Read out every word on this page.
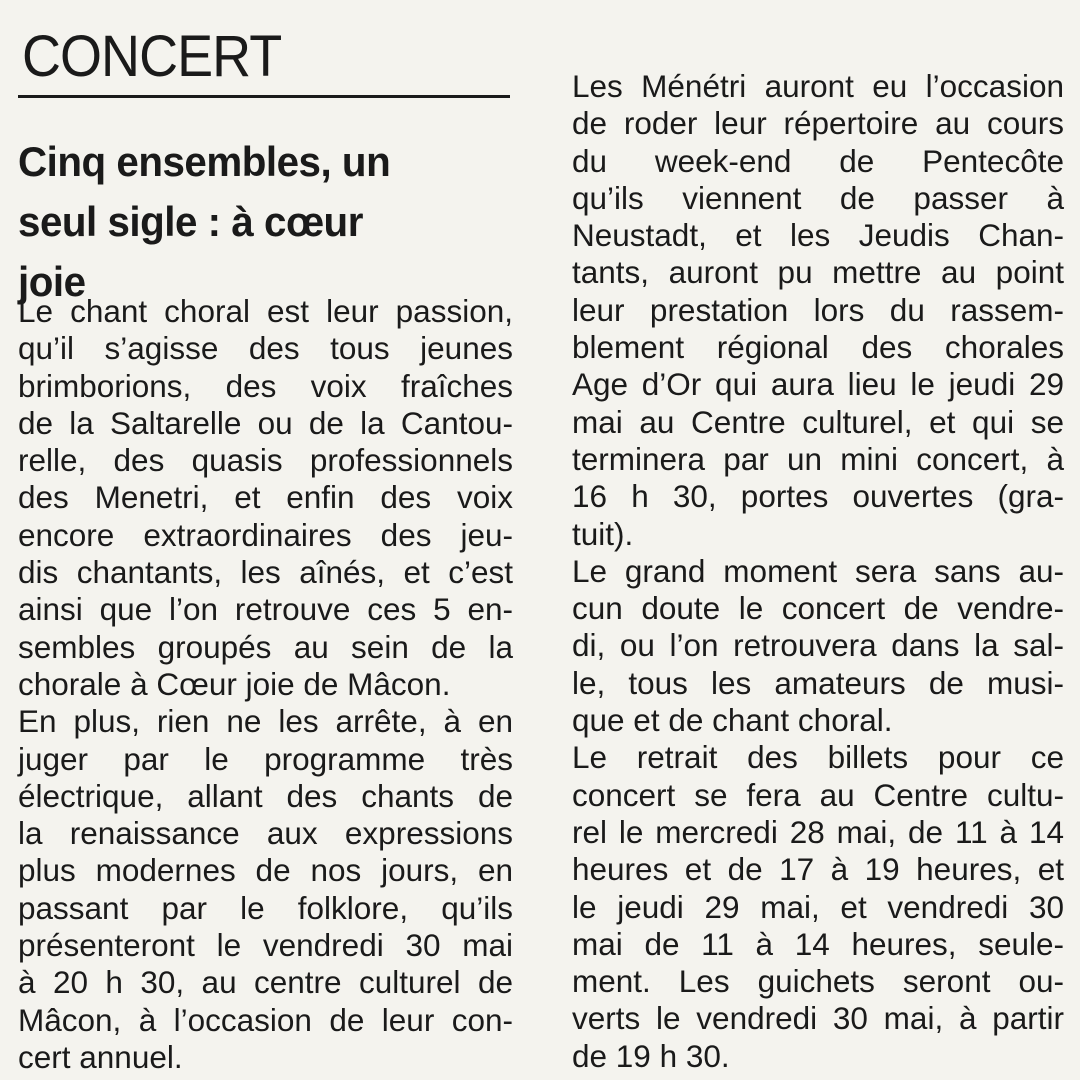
CONCERT
Cinq ensembles, un
seul sigle : à cœur
joie
Le chant choral est leur passion,
qu’il s’agisse des tous jeunes
brimborions, des voix fraîches
de la Saltarelle ou de la Cantou-
relle, des quasis professionnels
des Menetri, et enfin des voix
encore extraordinaires des jeu-
dis chantants, les aînés, et c’est
ainsi que l’on retrouve ces 5 en-
sembles groupés au sein de la
chorale à Cœur joie de Mâcon.
En plus, rien ne les arrête, à en
juger par le programme très
électrique, allant des chants de
la renaissance aux expressions
plus modernes de nos jours, en
passant par le folklore, qu’ils
présenteront le vendredi 30 mai
à 20 h 30, au centre culturel de
Mâcon, à l’occasion de leur con-
cert annuel.
Les Ménétri auront eu l’occasion
de roder leur répertoire au cours
du week-end de Pentecôte
qu’ils viennent de passer à
Neustadt, et les Jeudis Chan-
tants, auront pu mettre au point
leur prestation lors du rassem-
blement régional des chorales
Age d’Or qui aura lieu le jeudi 29
mai au Centre culturel, et qui se
terminera par un mini concert, à
16 h 30, portes ouvertes (gra-
tuit).
Le grand moment sera sans au-
cun doute le concert de vendre-
di, ou l’on retrouvera dans la sal-
le, tous les amateurs de musi-
que et de chant choral.
Le retrait des billets pour ce
concert se fera au Centre cultu-
rel le mercredi 28 mai, de 11 à 14
heures et de 17 à 19 heures, et
le jeudi 29 mai, et vendredi 30
mai de 11 à 14 heures, seule-
ment. Les guichets seront ou-
verts le vendredi 30 mai, à partir
de 19 h 30.
